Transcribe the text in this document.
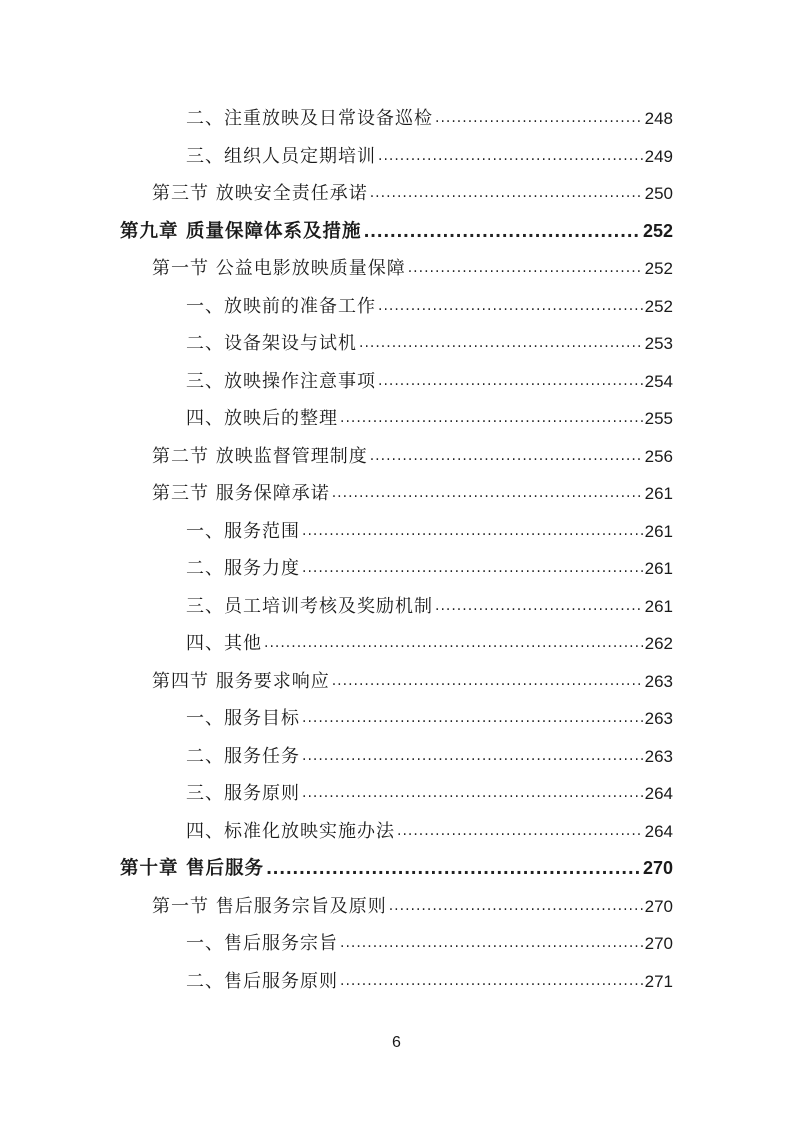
二、注重放映及日常设备巡检 .....	248
三、组织人员定期培训 .....	249
第三节 放映安全责任承诺 .....	250
第九章 质量保障体系及措施 .....	252
第一节 公益电影放映质量保障 .....	252
一、放映前的准备工作 .....	252
二、设备架设与试机 .....	253
三、放映操作注意事项 .....	254
四、放映后的整理 .....	255
第二节 放映监督管理制度 .....	256
第三节 服务保障承诺 .....	261
一、服务范围 .....	261
二、服务力度 .....	261
三、员工培训考核及奖励机制 .....	261
四、其他 .....	262
第四节 服务要求响应 .....	263
一、服务目标 .....	263
二、服务任务 .....	263
三、服务原则 .....	264
四、标准化放映实施办法 .....	264
第十章 售后服务 .....	270
第一节 售后服务宗旨及原则 .....	270
一、售后服务宗旨 .....	270
二、售后服务原则 .....	271
6
